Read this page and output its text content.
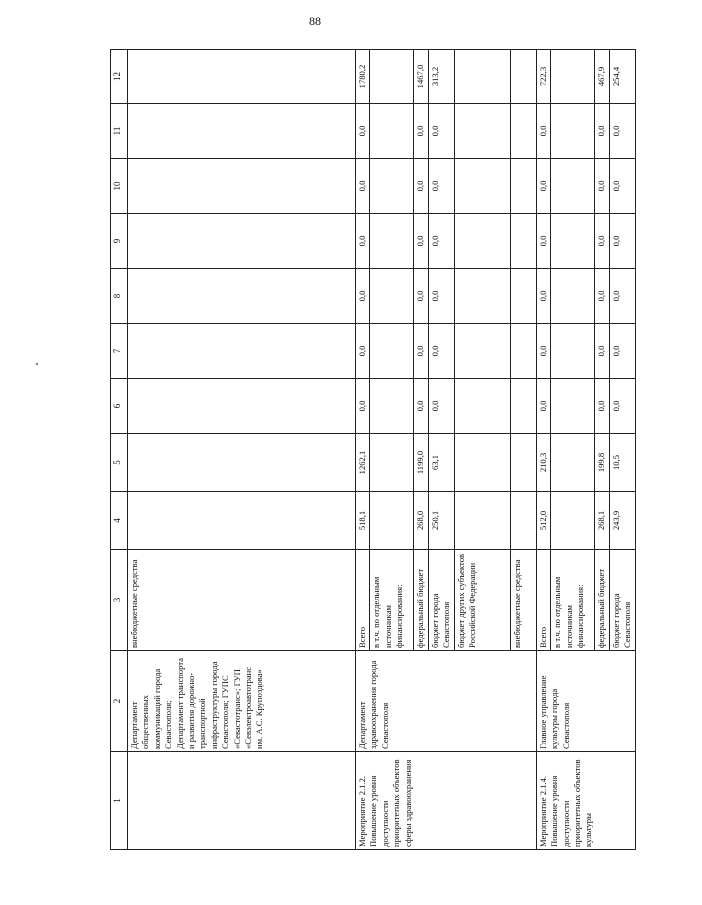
88
1	2	3	4	5	6	7	8	9	10	11	12
	Департамент общественных коммуникаций города Севастополя; Департамент транспорта и развития дорожно-транспортной инфраструктуры города Севастополя; ГУПС «Севастотранс»; ГУП «Севэлектроавтотранс им. А.С. Крупоздова»	внебюджетные средства									
Мероприятие 2.1.2. Повышение уровня доступности приоритетных объектов сферы здравоохранения	Департамент здравоохранения города Севастополя	Всего	518,1	1262,1	0,0	0,0	0,0	0,0	0,0	0,0	1780,2
		в т.ч. по отдельным источникам финансирования:									
		федеральный бюджет	268,0	1199,0	0,0	0,0	0,0	0,0	0,0	0,0	1467,0
		бюджет города Севастополя	250,1	63,1	0,0	0,0	0,0	0,0	0,0	0,0	313,2
		бюджет других субъектов Российской Федерации									
		внебюджетные средства									
Мероприятие 2.1.4. Повышение уровня доступности приоритетных объектов культуры	Главное управление культуры города Севастополя	Всего	512,0	210,3	0,0	0,0	0,0	0,0	0,0	0,0	722,3
		в т.ч. по отдельным источникам финансирования:									
		федеральный бюджет	268,1	199,8	0,0	0,0	0,0	0,0	0,0	0,0	467,9
		бюджет города Севастополя	243,9	10,5	0,0	0,0	0,0	0,0	0,0	0,0	254,4
